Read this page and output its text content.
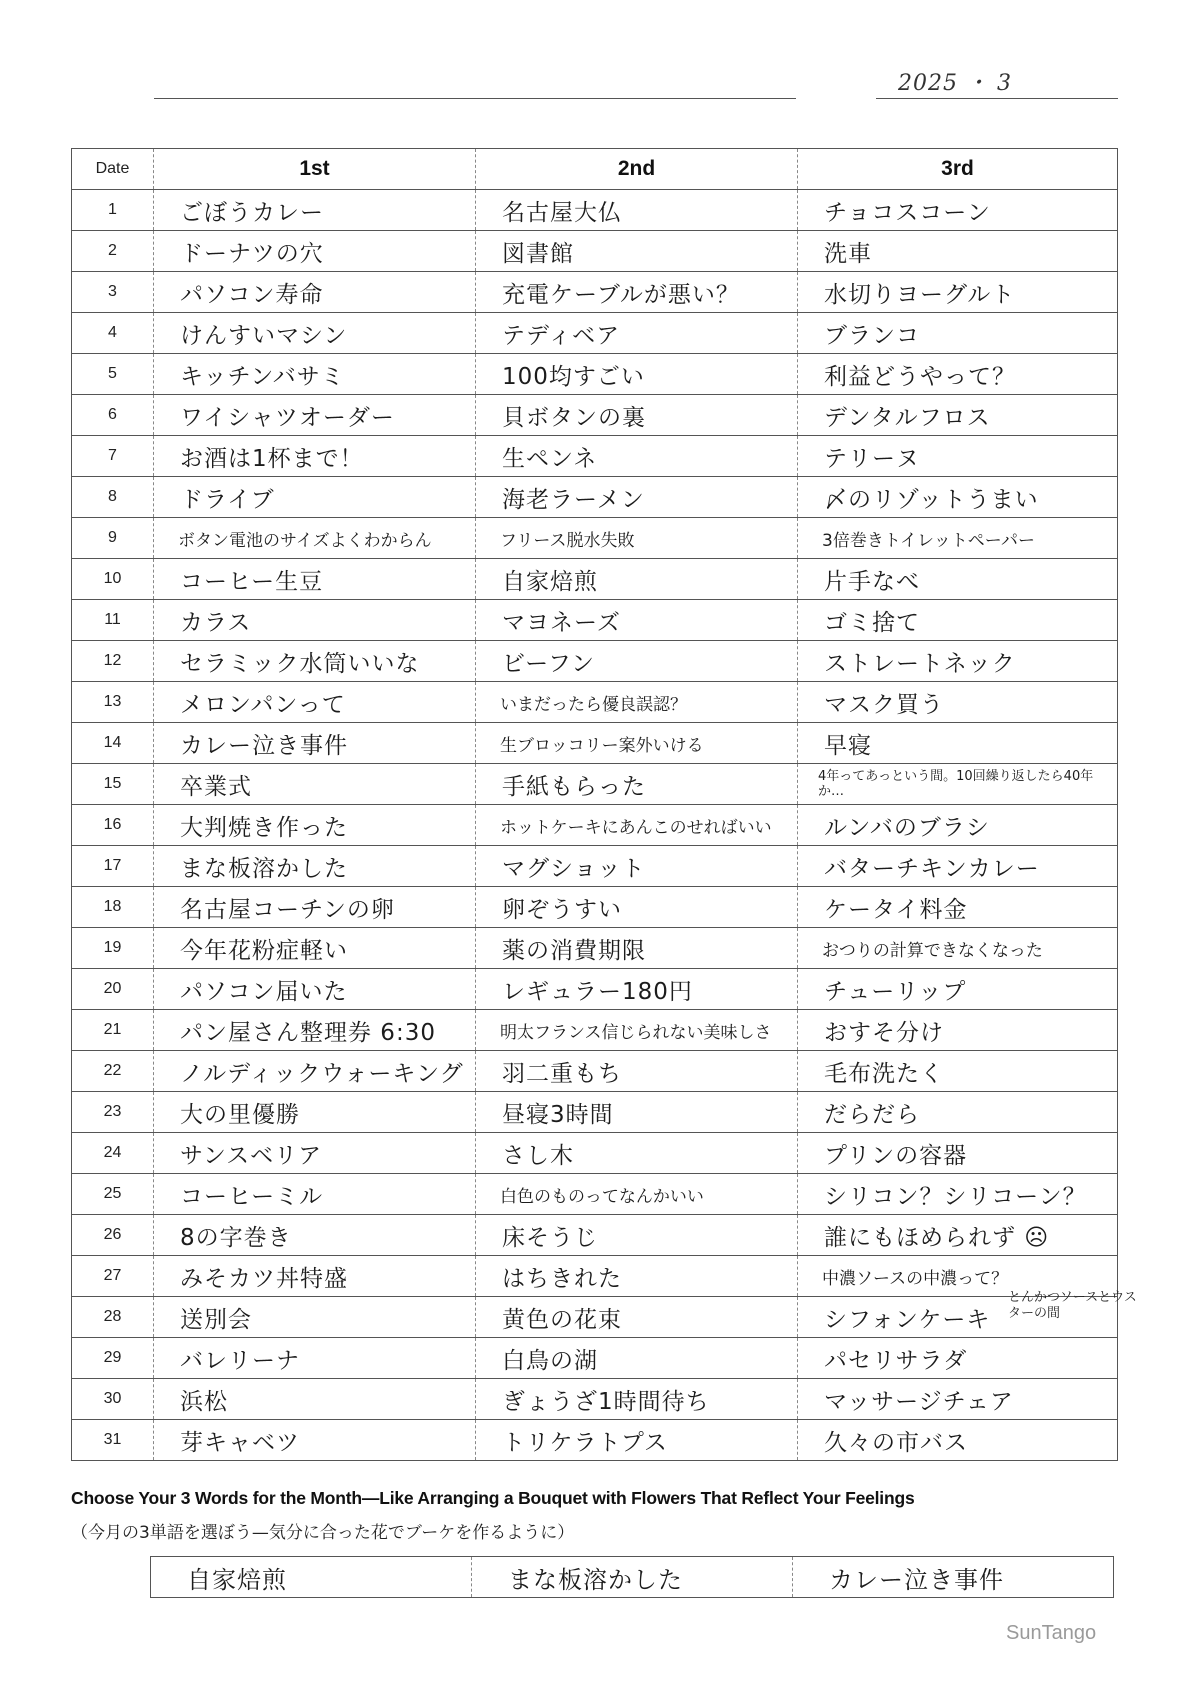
2025 ・ 3
Date	1st	2nd	3rd
1	ごぼうカレー	名古屋大仏	チョコスコーン
2	ドーナツの穴	図書館	洗車
3	パソコン寿命	充電ケーブルが悪い？	水切りヨーグルト
4	けんすいマシン	テディベア	ブランコ
5	キッチンバサミ	100均すごい	利益どうやって？
6	ワイシャツオーダー	貝ボタンの裏	デンタルフロス
7	お酒は1杯まで！	生ペンネ	テリーヌ
8	ドライブ	海老ラーメン	〆のリゾットうまい
9	ボタン電池のサイズよくわからん	フリース脱水失敗	3倍巻きトイレットペーパー
10	コーヒー生豆	自家焙煎	片手なべ
11	カラス	マヨネーズ	ゴミ捨て
12	セラミック水筒いいな	ビーフン	ストレートネック
13	メロンパンって	いまだったら優良誤認？	マスク買う
14	カレー泣き事件	生ブロッコリー案外いける	早寝
15	卒業式	手紙もらった	4年ってあっという間。10回繰り返したら40年か…
16	大判焼き作った	ホットケーキにあんこのせればいい	ルンバのブラシ
17	まな板溶かした	マグショット	バターチキンカレー
18	名古屋コーチンの卵	卵ぞうすい	ケータイ料金
19	今年花粉症軽い	薬の消費期限	おつりの計算できなくなった
20	パソコン届いた	レギュラー180円	チューリップ
21	パン屋さん整理券 6:30	明太フランス信じられない美味しさ	おすそ分け
22	ノルディックウォーキング	羽二重もち	毛布洗たく
23	大の里優勝	昼寝3時間	だらだら
24	サンスベリア	さし木	プリンの容器
25	コーヒーミル	白色のものってなんかいい	シリコン？シリコーン？
26	8の字巻き	床そうじ	誰にもほめられず ☹
27	みそカツ丼特盛	はちきれた	中濃ソースの中濃って？
28	送別会	黄色の花束	シフォンケーキ
29	バレリーナ	白鳥の湖	パセリサラダ
30	浜松	ぎょうざ1時間待ち	マッサージチェア
31	芽キャベツ	トリケラトプス	久々の市バス
とんかつソースとウスターの間
Choose Your 3 Words for the Month—Like Arranging a Bouquet with Flowers That Reflect Your Feelings
（今月の3単語を選ぼう—気分に合った花でブーケを作るように）
自家焙煎	まな板溶かした	カレー泣き事件
SunTango
